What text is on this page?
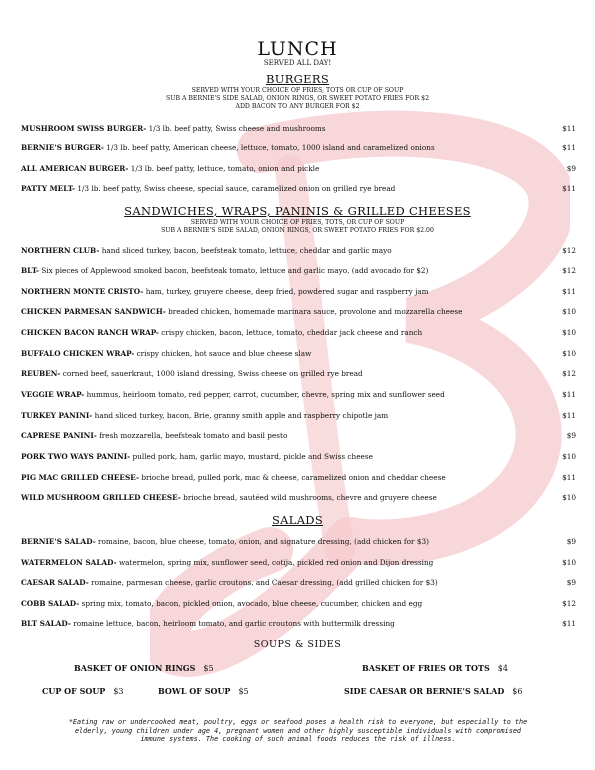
LUNCH
SERVED ALL DAY!
BURGERS
SERVED WITH YOUR CHOICE OF FRIES, TOTS OR CUP OF SOUP
SUB A BERNIE'S SIDE SALAD, ONION RINGS, OR SWEET POTATO FRIES FOR $2
ADD BACON TO ANY BURGER FOR $2
MUSHROOM SWISS BURGER- 1/3 lb. beef patty, Swiss cheese and mushrooms	$11
BERNIE'S BURGER- 1/3 lb. beef patty, American cheese, lettuce, tomato, 1000 island and caramelized onions	$11
ALL AMERICAN BURGER- 1/3 lb. beef patty, lettuce, tomato, onion and pickle	$9
PATTY MELT- 1/3 lb. beef patty, Swiss cheese, special sauce, caramelized onion on grilled rye bread	$11
SANDWICHES, WRAPS, PANINIS & GRILLED CHEESES
SERVED WITH YOUR CHOICE OF FRIES, TOTS, OR CUP OF SOUP
SUB A BERNIE'S SIDE SALAD, ONION RINGS, OR SWEET POTATO FRIES FOR $2.00
NORTHERN CLUB- hand sliced turkey, bacon, beefsteak tomato, lettuce, cheddar and garlic mayo	$12
BLT- Six pieces of Applewood smoked bacon, beefsteak tomato, lettuce and garlic mayo, (add avocado for $2)	$12
NORTHERN MONTE CRISTO- ham, turkey, gruyere cheese, deep fried, powdered sugar and raspberry jam	$11
CHICKEN PARMESAN SANDWICH- breaded chicken, homemade marinara sauce, provolone and mozzarella cheese	$10
CHICKEN BACON RANCH WRAP- crispy chicken, bacon, lettuce, tomato, cheddar jack cheese and ranch	$10
BUFFALO CHICKEN WRAP- crispy chicken, hot sauce and blue cheese slaw	$10
REUBEN- corned beef, sauerkraut, 1000 island dressing, Swiss cheese on grilled rye bread	$12
VEGGIE WRAP- hummus, heirloom tomato, red pepper, carrot, cucumber, chevre, spring mix and sunflower seed	$11
TURKEY PANINI- hand sliced turkey, bacon, Brie, granny smith apple and raspberry chipotle jam	$11
CAPRESE PANINI- fresh mozzarella, beefsteak tomato and basil pesto	$9
PORK TWO WAYS PANINI- pulled pork, ham, garlic mayo, mustard, pickle and Swiss cheese	$10
PIG MAC GRILLED CHEESE- brioche bread, pulled pork, mac & cheese, caramelized onion and cheddar cheese	$11
WILD MUSHROOM GRILLED CHEESE- brioche bread, sautéed wild mushrooms, chevre and gruyere cheese	$10
SALADS
BERNIE'S SALAD- romaine, bacon, blue cheese, tomato, onion, and signature dressing, (add chicken for $3)	$9
WATERMELON SALAD- watermelon, spring mix, sunflower seed, cotija, pickled red onion and Dijon dressing	$10
CAESAR SALAD- romaine, parmesan cheese, garlic croutons, and Caesar dressing, (add grilled chicken for $3)	$9
COBB SALAD- spring mix, tomato, bacon, pickled onion, avocado, blue cheese, cucumber, chicken and egg	$12
BLT SALAD- romaine lettuce, bacon, heirloom tomato, and garlic croutons with buttermilk dressing	$11
SOUPS & SIDES
BASKET OF ONION RINGS $5	BASKET OF FRIES OR TOTS $4
CUP OF SOUP $3	BOWL OF SOUP $5	SIDE CAESAR OR BERNIE'S SALAD $6
*Eating raw or undercooked meat, poultry, eggs or seafood poses a health risk to everyone, but especially to the
elderly, young children under age 4, pregnant women and other highly susceptible individuals with compromised
immune systems. The cooking of such animal foods reduces the risk of illness.
